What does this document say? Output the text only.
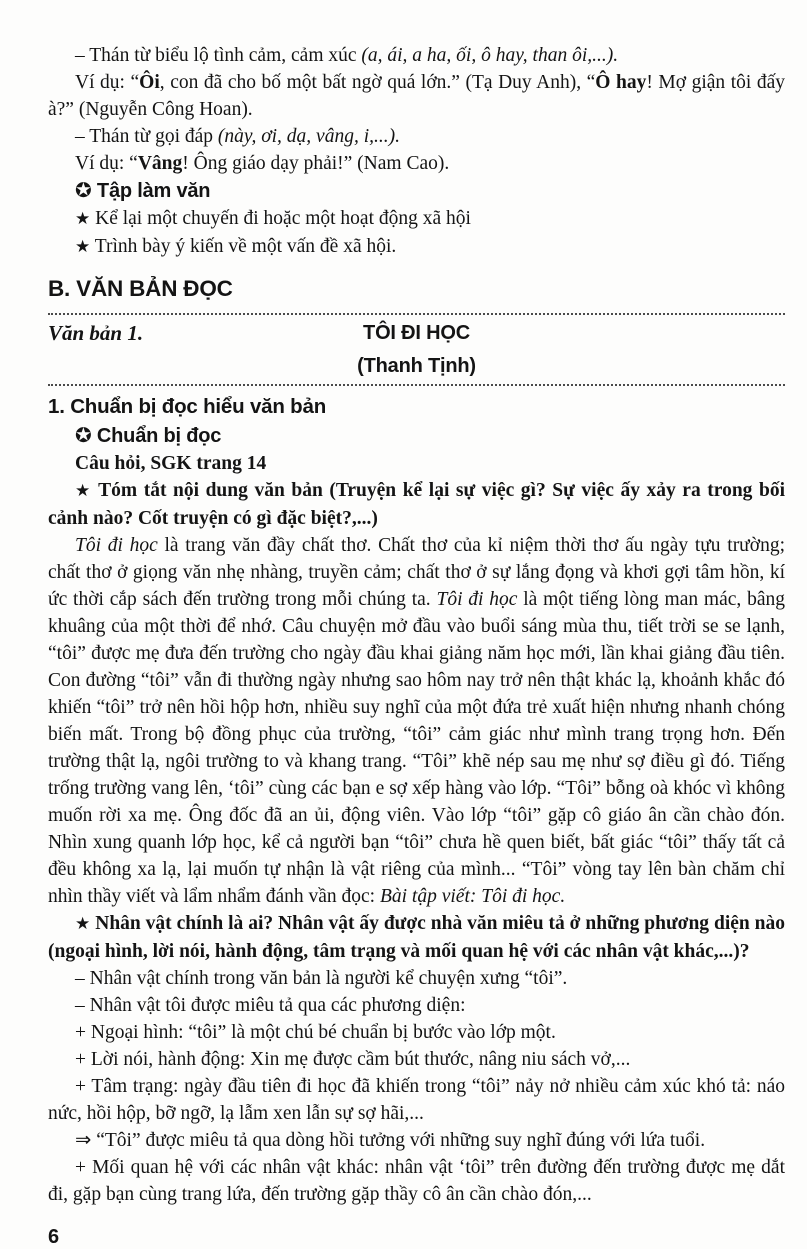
– Thán từ biểu lộ tình cảm, cảm xúc (a, ái, a ha, ối, ô hay, than ôi,...).

Ví dụ: “Ôi, con đã cho bố một bất ngờ quá lớn.” (Tạ Duy Anh), “Ô hay! Mợ giận tôi đấy à?” (Nguyễn Công Hoan).

– Thán từ gọi đáp (này, ơi, dạ, vâng, i,...).

Ví dụ: “Vâng! Ông giáo dạy phải!” (Nam Cao).

✪ Tập làm văn

★ Kể lại một chuyến đi hoặc một hoạt động xã hội

★ Trình bày ý kiến về một vấn đề xã hội.

B. VĂN BẢN ĐỌC
Văn bản 1.	TÔI ĐI HỌC
(Thanh Tịnh)
1. Chuẩn bị đọc hiểu văn bản
✪ Chuẩn bị đọc

Câu hỏi, SGK trang 14

★ Tóm tắt nội dung văn bản (Truyện kể lại sự việc gì? Sự việc ấy xảy ra trong bối cảnh nào? Cốt truyện có gì đặc biệt?,...)

Tôi đi học là trang văn đầy chất thơ. Chất thơ của kỉ niệm thời thơ ấu ngày tựu trường; chất thơ ở giọng văn nhẹ nhàng, truyền cảm; chất thơ ở sự lắng đọng và khơi gợi tâm hồn, kí ức thời cắp sách đến trường trong mỗi chúng ta. Tôi đi học là một tiếng lòng man mác, bâng khuâng của một thời để nhớ. Câu chuyện mở đầu vào buổi sáng mùa thu, tiết trời se se lạnh, “tôi” được mẹ đưa đến trường cho ngày đầu khai giảng năm học mới, lần khai giảng đầu tiên. Con đường “tôi” vẫn đi thường ngày nhưng sao hôm nay trở nên thật khác lạ, khoảnh khắc đó khiến “tôi” trở nên hồi hộp hơn, nhiều suy nghĩ của một đứa trẻ xuất hiện nhưng nhanh chóng biến mất. Trong bộ đồng phục của trường, “tôi” cảm giác như mình trang trọng hơn. Đến trường thật lạ, ngôi trường to và khang trang. “Tôi” khẽ nép sau mẹ như sợ điều gì đó. Tiếng trống trường vang lên, ‘tôi” cùng các bạn e sợ xếp hàng vào lớp. “Tôi” bỗng oà khóc vì không muốn rời xa mẹ. Ông đốc đã an ủi, động viên. Vào lớp “tôi” gặp cô giáo ân cần chào đón. Nhìn xung quanh lớp học, kể cả người bạn “tôi” chưa hề quen biết, bất giác “tôi” thấy tất cả đều không xa lạ, lại muốn tự nhận là vật riêng của mình... “Tôi” vòng tay lên bàn chăm chỉ nhìn thầy viết và lẩm nhẩm đánh vần đọc: Bài tập viết: Tôi đi học.

★ Nhân vật chính là ai? Nhân vật ấy được nhà văn miêu tả ở những phương diện nào (ngoại hình, lời nói, hành động, tâm trạng và mối quan hệ với các nhân vật khác,...)?

– Nhân vật chính trong văn bản là người kể chuyện xưng “tôi”.

– Nhân vật tôi được miêu tả qua các phương diện:

+ Ngoại hình: “tôi” là một chú bé chuẩn bị bước vào lớp một.

+ Lời nói, hành động: Xin mẹ được cầm bút thước, nâng niu sách vở,...

+ Tâm trạng: ngày đầu tiên đi học đã khiến trong “tôi” nảy nở nhiều cảm xúc khó tả: náo nức, hồi hộp, bỡ ngỡ, lạ lẫm xen lẫn sự sợ hãi,...

⇒ “Tôi” được miêu tả qua dòng hồi tưởng với những suy nghĩ đúng với lứa tuổi.

+ Mối quan hệ với các nhân vật khác: nhân vật ‘tôi” trên đường đến trường được mẹ dắt đi, gặp bạn cùng trang lứa, đến trường gặp thầy cô ân cần chào đón,...

6
